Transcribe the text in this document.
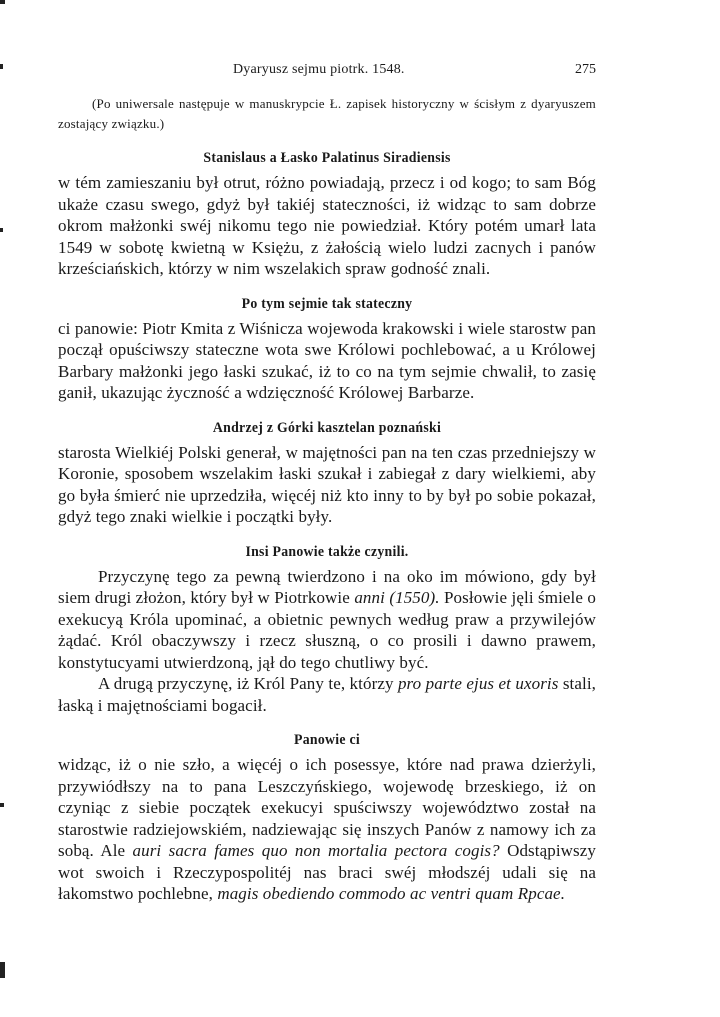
Dyaryusz sejmu piotrk. 1548.	275
(Po uniwersale następuje w manuskrypcie Ł. zapisek historyczny w ścisłym z dyaryuszem zostający związku.)
Stanislaus a Łasko Palatinus Siradiensis

w tém zamieszaniu był otrut, różno powiadają, przecz i od kogo; to sam Bóg ukaże czasu swego, gdyż był takiéj stateczności, iż widząc to sam dobrze okrom małżonki swéj nikomu tego nie powiedział. Który potém umarł lata 1549 w sobotę kwietną w Księżu, z żałością wielo ludzi zacnych i panów krześciańskich, którzy w nim wszelakich spraw godność znali.

Po tym sejmie tak stateczny

ci panowie: Piotr Kmita z Wiśnicza wojewoda krakowski i wiele starostw pan począł opuściwszy stateczne wota swe Królowi pochlebować, a u Królowej Barbary małżonki jego łaski szukać, iż to co na tym sejmie chwalił, to zasię ganił, ukazując życzność a wdzięczność Królowej Barbarze.

Andrzej z Górki kasztelan poznański

starosta Wielkiéj Polski generał, w majętności pan na ten czas przedniejszy w Koronie, sposobem wszelakim łaski szukał i zabiegał z dary wielkiemi, aby go była śmierć nie uprzedziła, więcéj niż kto inny to by był po sobie pokazał, gdyż tego znaki wielkie i początki były.

Insi Panowie także czynili.

Przyczynę tego za pewną twierdzono i na oko im mówiono, gdy był siem drugi złożon, który był w Piotrkowie anni (1550). Posłowie jęli śmiele o exekucyą Króla upominać, a obietnic pewnych według praw a przywilejów żądać. Król obaczywszy i rzecz słuszną, o co prosili i dawno prawem, konstytucyami utwierdzoną, jął do tego chutliwy być.

A drugą przyczynę, iż Król Pany te, którzy pro parte ejus et uxoris stali, łaską i majętnościami bogacił.

Panowie ci

widząc, iż o nie szło, a więcéj o ich posessye, które nad prawa dzierżyli, przywiódłszy na to pana Leszczyńskiego, wojewodę brzeskiego, iż on czyniąc z siebie początek exekucyi spuściwszy województwo został na starostwie radziejowskiém, nadziewając się inszych Panów z namowy ich za sobą. Ale auri sacra fames quo non mortalia pectora cogis? Odstąpiwszy wot swoich i Rzeczypospolitéj nas braci swéj młodszéj udali się na łakomstwo pochlebne, magis obediendo commodo ac ventri quam Rpcae.
